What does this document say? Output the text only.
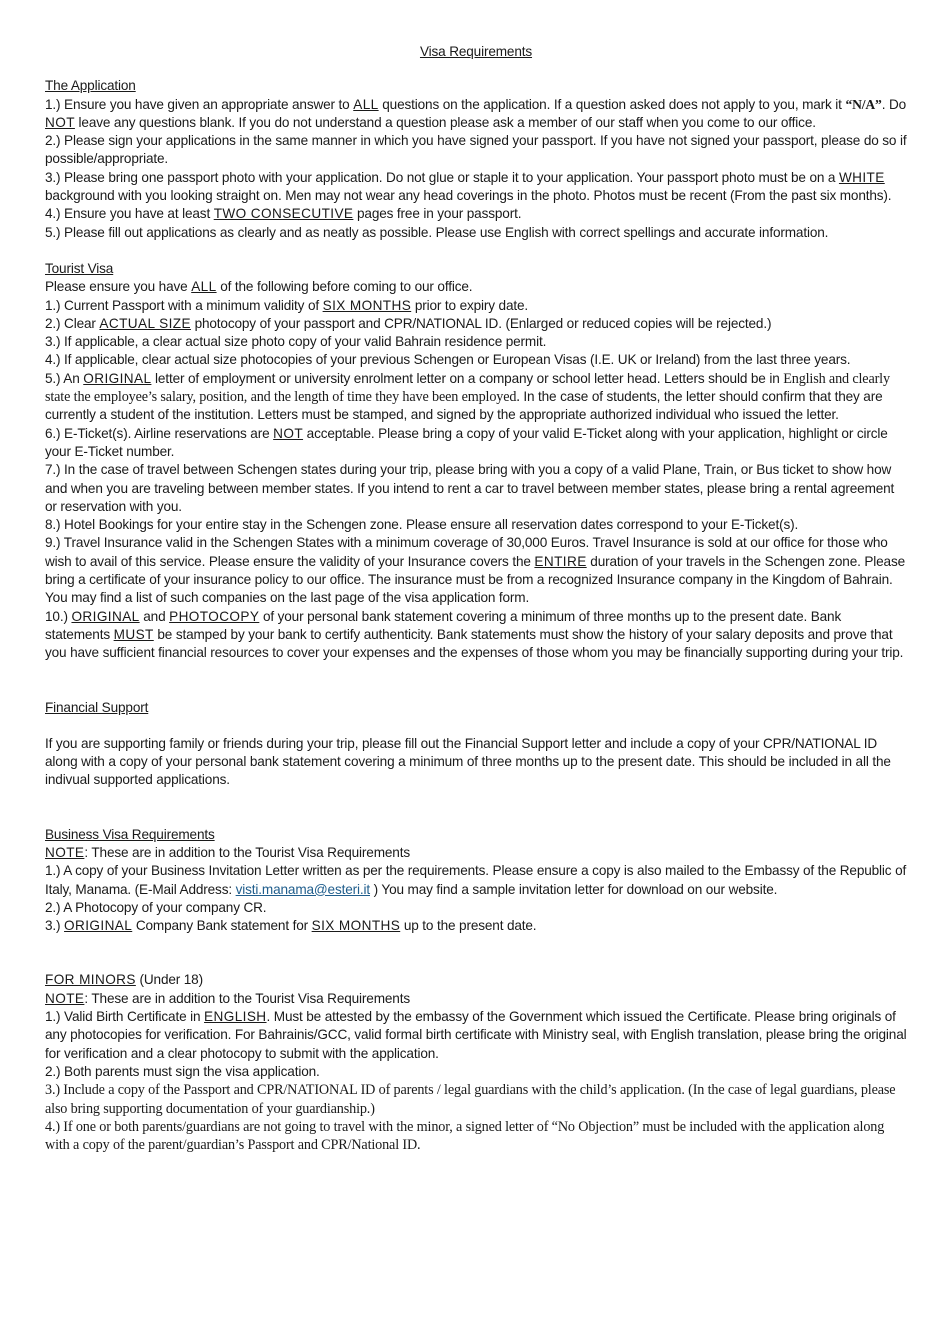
Visa Requirements
The Application
1.) Ensure you have given an appropriate answer to ALL questions on the application. If a question asked does not apply to you, mark it “N/A”. Do NOT leave any questions blank. If you do not understand a question please ask a member of our staff when you come to our office.
2.) Please sign your applications in the same manner in which you have signed your passport. If you have not signed your passport, please do so if possible/appropriate.
3.) Please bring one passport photo with your application. Do not glue or staple it to your application. Your passport photo must be on a WHITE background with you looking straight on. Men may not wear any head coverings in the photo. Photos must be recent (From the past six months).
4.) Ensure you have at least TWO CONSECUTIVE pages free in your passport.
5.) Please fill out applications as clearly and as neatly as possible. Please use English with correct spellings and accurate information.
Tourist Visa
Please ensure you have ALL of the following before coming to our office.
1.) Current Passport with a minimum validity of SIX MONTHS prior to expiry date.
2.) Clear ACTUAL SIZE photocopy of your passport and CPR/NATIONAL ID. (Enlarged or reduced copies will be rejected.)
3.) If applicable, a clear actual size photo copy of your valid Bahrain residence permit.
4.) If applicable, clear actual size photocopies of your previous Schengen or European Visas (I.E. UK or Ireland) from the last three years.
5.) An ORIGINAL letter of employment or university enrolment letter on a company or school letter head. Letters should be in English and clearly state the employee’s salary, position, and the length of time they have been employed. In the case of students, the letter should confirm that they are currently a student of the institution. Letters must be stamped, and signed by the appropriate authorized individual who issued the letter.
6.) E-Ticket(s). Airline reservations are NOT acceptable. Please bring a copy of your valid E-Ticket along with your application, highlight or circle your E-Ticket number.
7.) In the case of travel between Schengen states during your trip, please bring with you a copy of a valid Plane, Train, or Bus ticket to show how and when you are traveling between member states. If you intend to rent a car to travel between member states, please bring a rental agreement or reservation with you.
8.) Hotel Bookings for your entire stay in the Schengen zone. Please ensure all reservation dates correspond to your E-Ticket(s).
9.) Travel Insurance valid in the Schengen States with a minimum coverage of 30,000 Euros. Travel Insurance is sold at our office for those who wish to avail of this service. Please ensure the validity of your Insurance covers the ENTIRE duration of your travels in the Schengen zone. Please bring a certificate of your insurance policy to our office. The insurance must be from a recognized Insurance company in the Kingdom of Bahrain. You may find a list of such companies on the last page of the visa application form.
10.) ORIGINAL and PHOTOCOPY of your personal bank statement covering a minimum of three months up to the present date. Bank statements MUST be stamped by your bank to certify authenticity. Bank statements must show the history of your salary deposits and prove that you have sufficient financial resources to cover your expenses and the expenses of those whom you may be financially supporting during your trip.
Financial Support
If you are supporting family or friends during your trip, please fill out the Financial Support letter and include a copy of your CPR/NATIONAL ID along with a copy of your personal bank statement covering a minimum of three months up to the present date. This should be included in all the indivual supported applications.
Business Visa Requirements
NOTE: These are in addition to the Tourist Visa Requirements
1.) A copy of your Business Invitation Letter written as per the requirements. Please ensure a copy is also mailed to the Embassy of the Republic of Italy, Manama. (E-Mail Address: visti.manama@esteri.it ) You may find a sample invitation letter for download on our website.
2.) A Photocopy of your company CR.
3.) ORIGINAL Company Bank statement for SIX MONTHS up to the present date.
FOR MINORS (Under 18)
NOTE: These are in addition to the Tourist Visa Requirements
1.) Valid Birth Certificate in ENGLISH. Must be attested by the embassy of the Government which issued the Certificate. Please bring originals of any photocopies for verification. For Bahrainis/GCC, valid formal birth certificate with Ministry seal, with English translation, please bring the original for verification and a clear photocopy to submit with the application.
2.) Both parents must sign the visa application.
3.) Include a copy of the Passport and CPR/NATIONAL ID of parents / legal guardians with the child’s application. (In the case of legal guardians, please also bring supporting documentation of your guardianship.)
4.) If one or both parents/guardians are not going to travel with the minor, a signed letter of “No Objection” must be included with the application along with a copy of the parent/guardian’s Passport and CPR/National ID.
